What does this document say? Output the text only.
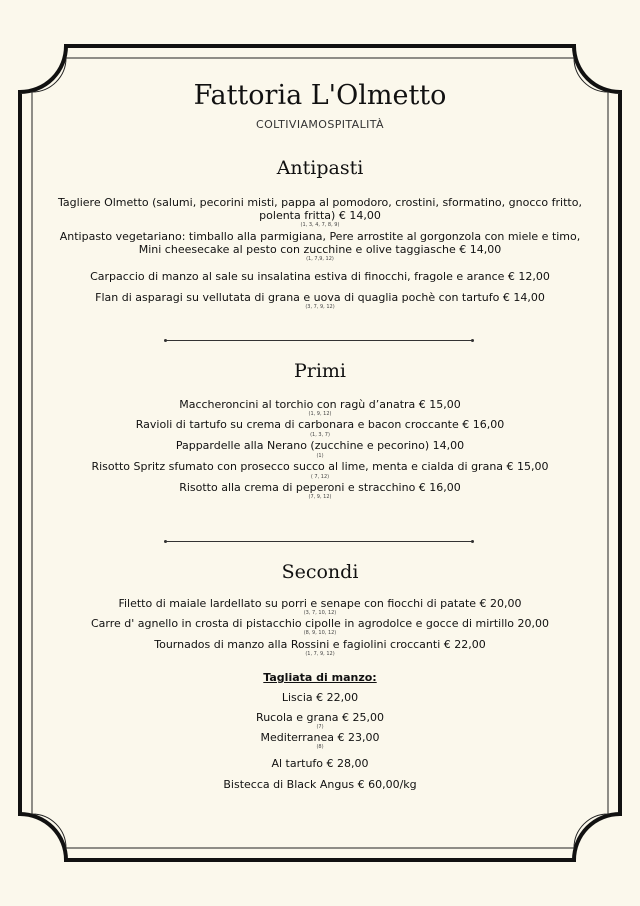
Fattoria L'Olmetto
COLTIVIAMOSPITALITÀ
Antipasti
Tagliere Olmetto (salumi, pecorini misti, pappa al pomodoro, crostini, sformatino, gnocco fritto,
polenta fritta) € 14,00
(1, 3, 4, 7, 8, 9)
Antipasto vegetariano: timballo alla parmigiana, Pere arrostite al gorgonzola con miele e timo,
Mini cheesecake al pesto con zucchine e olive taggiasche € 14,00
(1, 7,9, 12)
Carpaccio di manzo al sale su insalatina estiva di finocchi, fragole e arance € 12,00
Flan di asparagi su vellutata di grana e uova di quaglia pochè con tartufo € 14,00
(3, 7, 9, 12)
Primi
Maccheroncini al torchio con ragù d’anatra € 15,00
(1, 9, 12)
Ravioli di tartufo su crema di carbonara e bacon croccante € 16,00
(1, 3, 7)
Pappardelle alla Nerano (zucchine e pecorino) 14,00
(1)
Risotto Spritz sfumato con prosecco succo al lime, menta e cialda di grana € 15,00
( 7, 12)
Risotto alla crema di peperoni e stracchino € 16,00
(7, 9, 12)
Secondi
Filetto di maiale lardellato su porri e senape con fiocchi di patate € 20,00
(3, 7, 10, 12)
Carre d' agnello in crosta di pistacchio cipolle in agrodolce e gocce di mirtillo 20,00
(8, 9, 10, 12)
Tournados di manzo alla Rossini e fagiolini croccanti € 22,00
(1, 7, 9, 12)
Tagliata di manzo:
Liscia € 22,00
Rucola e grana € 25,00
(7)
Mediterranea € 23,00
(8)
Al tartufo € 28,00
Bistecca di Black Angus € 60,00/kg
